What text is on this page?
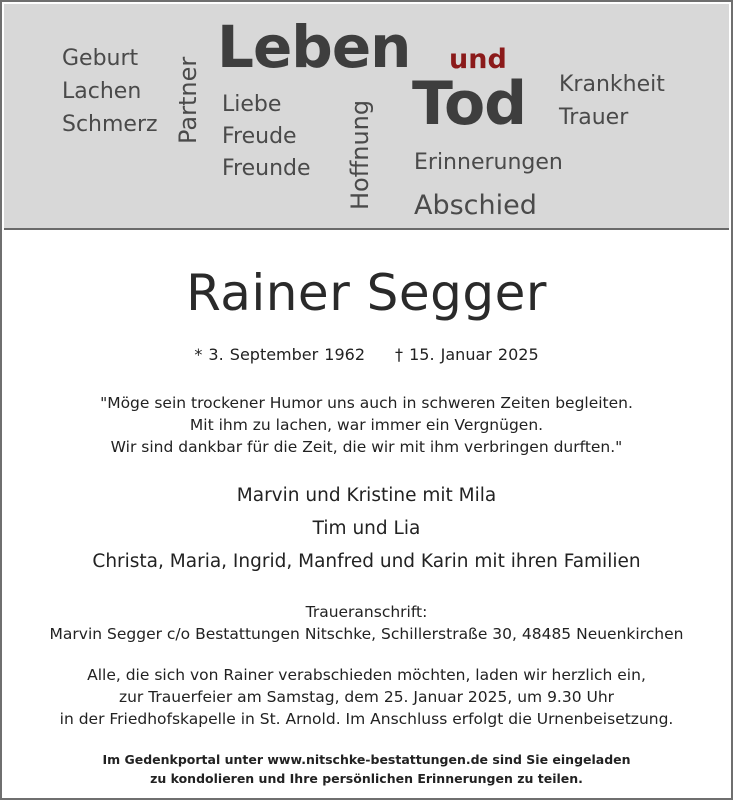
Geburt
Lachen
Schmerz Partner
Leben
Liebe
Freude
Freunde Hoffnung
und
Tod
Erinnerungen
Abschied
Krankheit
Trauer
Rainer Segger
* 3. September 1962 † 15. Januar 2025
"Möge sein trockener Humor uns auch in schweren Zeiten begleiten.
Mit ihm zu lachen, war immer ein Vergnügen.
Wir sind dankbar für die Zeit, die wir mit ihm verbringen durften."
Marvin und Kristine mit Mila
Tim und Lia
Christa, Maria, Ingrid, Manfred und Karin mit ihren Familien
Traueranschrift:
Marvin Segger c/o Bestattungen Nitschke, Schillerstraße 30, 48485 Neuenkirchen
Alle, die sich von Rainer verabschieden möchten, laden wir herzlich ein,
zur Trauerfeier am Samstag, dem 25. Januar 2025, um 9.30 Uhr
in der Friedhofskapelle in St. Arnold. Im Anschluss erfolgt die Urnenbeisetzung.
Im Gedenkportal unter www.nitschke-bestattungen.de sind Sie eingeladen
zu kondolieren und Ihre persönlichen Erinnerungen zu teilen.
